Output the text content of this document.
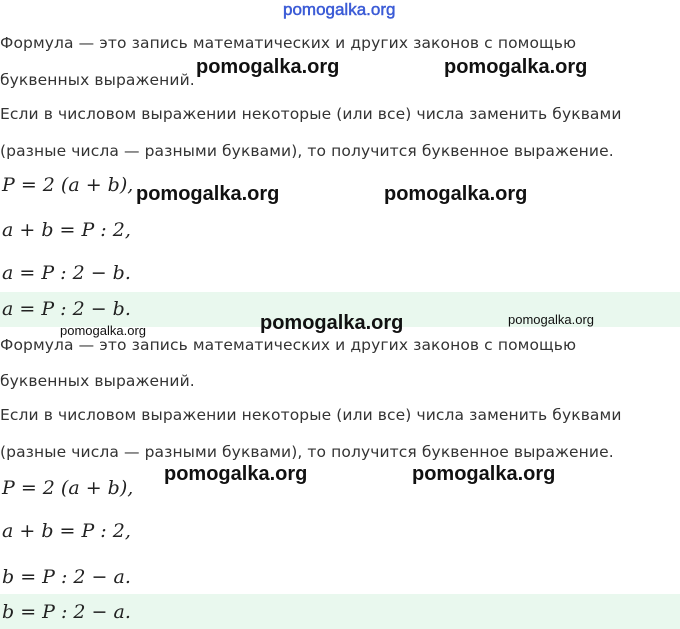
pomogalka.org

Формула — это запись математических и других законов с помощью

буквенных выражений.

Если в числовом выражении некоторые (или все) числа заменить буквами

(разные числа — разными буквами), то получится буквенное выражение.

P = 2 (a + b),

a + b = P : 2,

a = P : 2 − b.

a = P : 2 − b.

Формула — это запись математических и других законов с помощью

буквенных выражений.

Если в числовом выражении некоторые (или все) числа заменить буквами

(разные числа — разными буквами), то получится буквенное выражение.

P = 2 (a + b),

a + b = P : 2,

b = P : 2 − a.

b = P : 2 − a.

pomogalka.org	pomogalka.org
pomogalka.org	pomogalka.org
pomogalka.org
pomogalka.org
pomogalka.org
pomogalka.org	pomogalka.org
